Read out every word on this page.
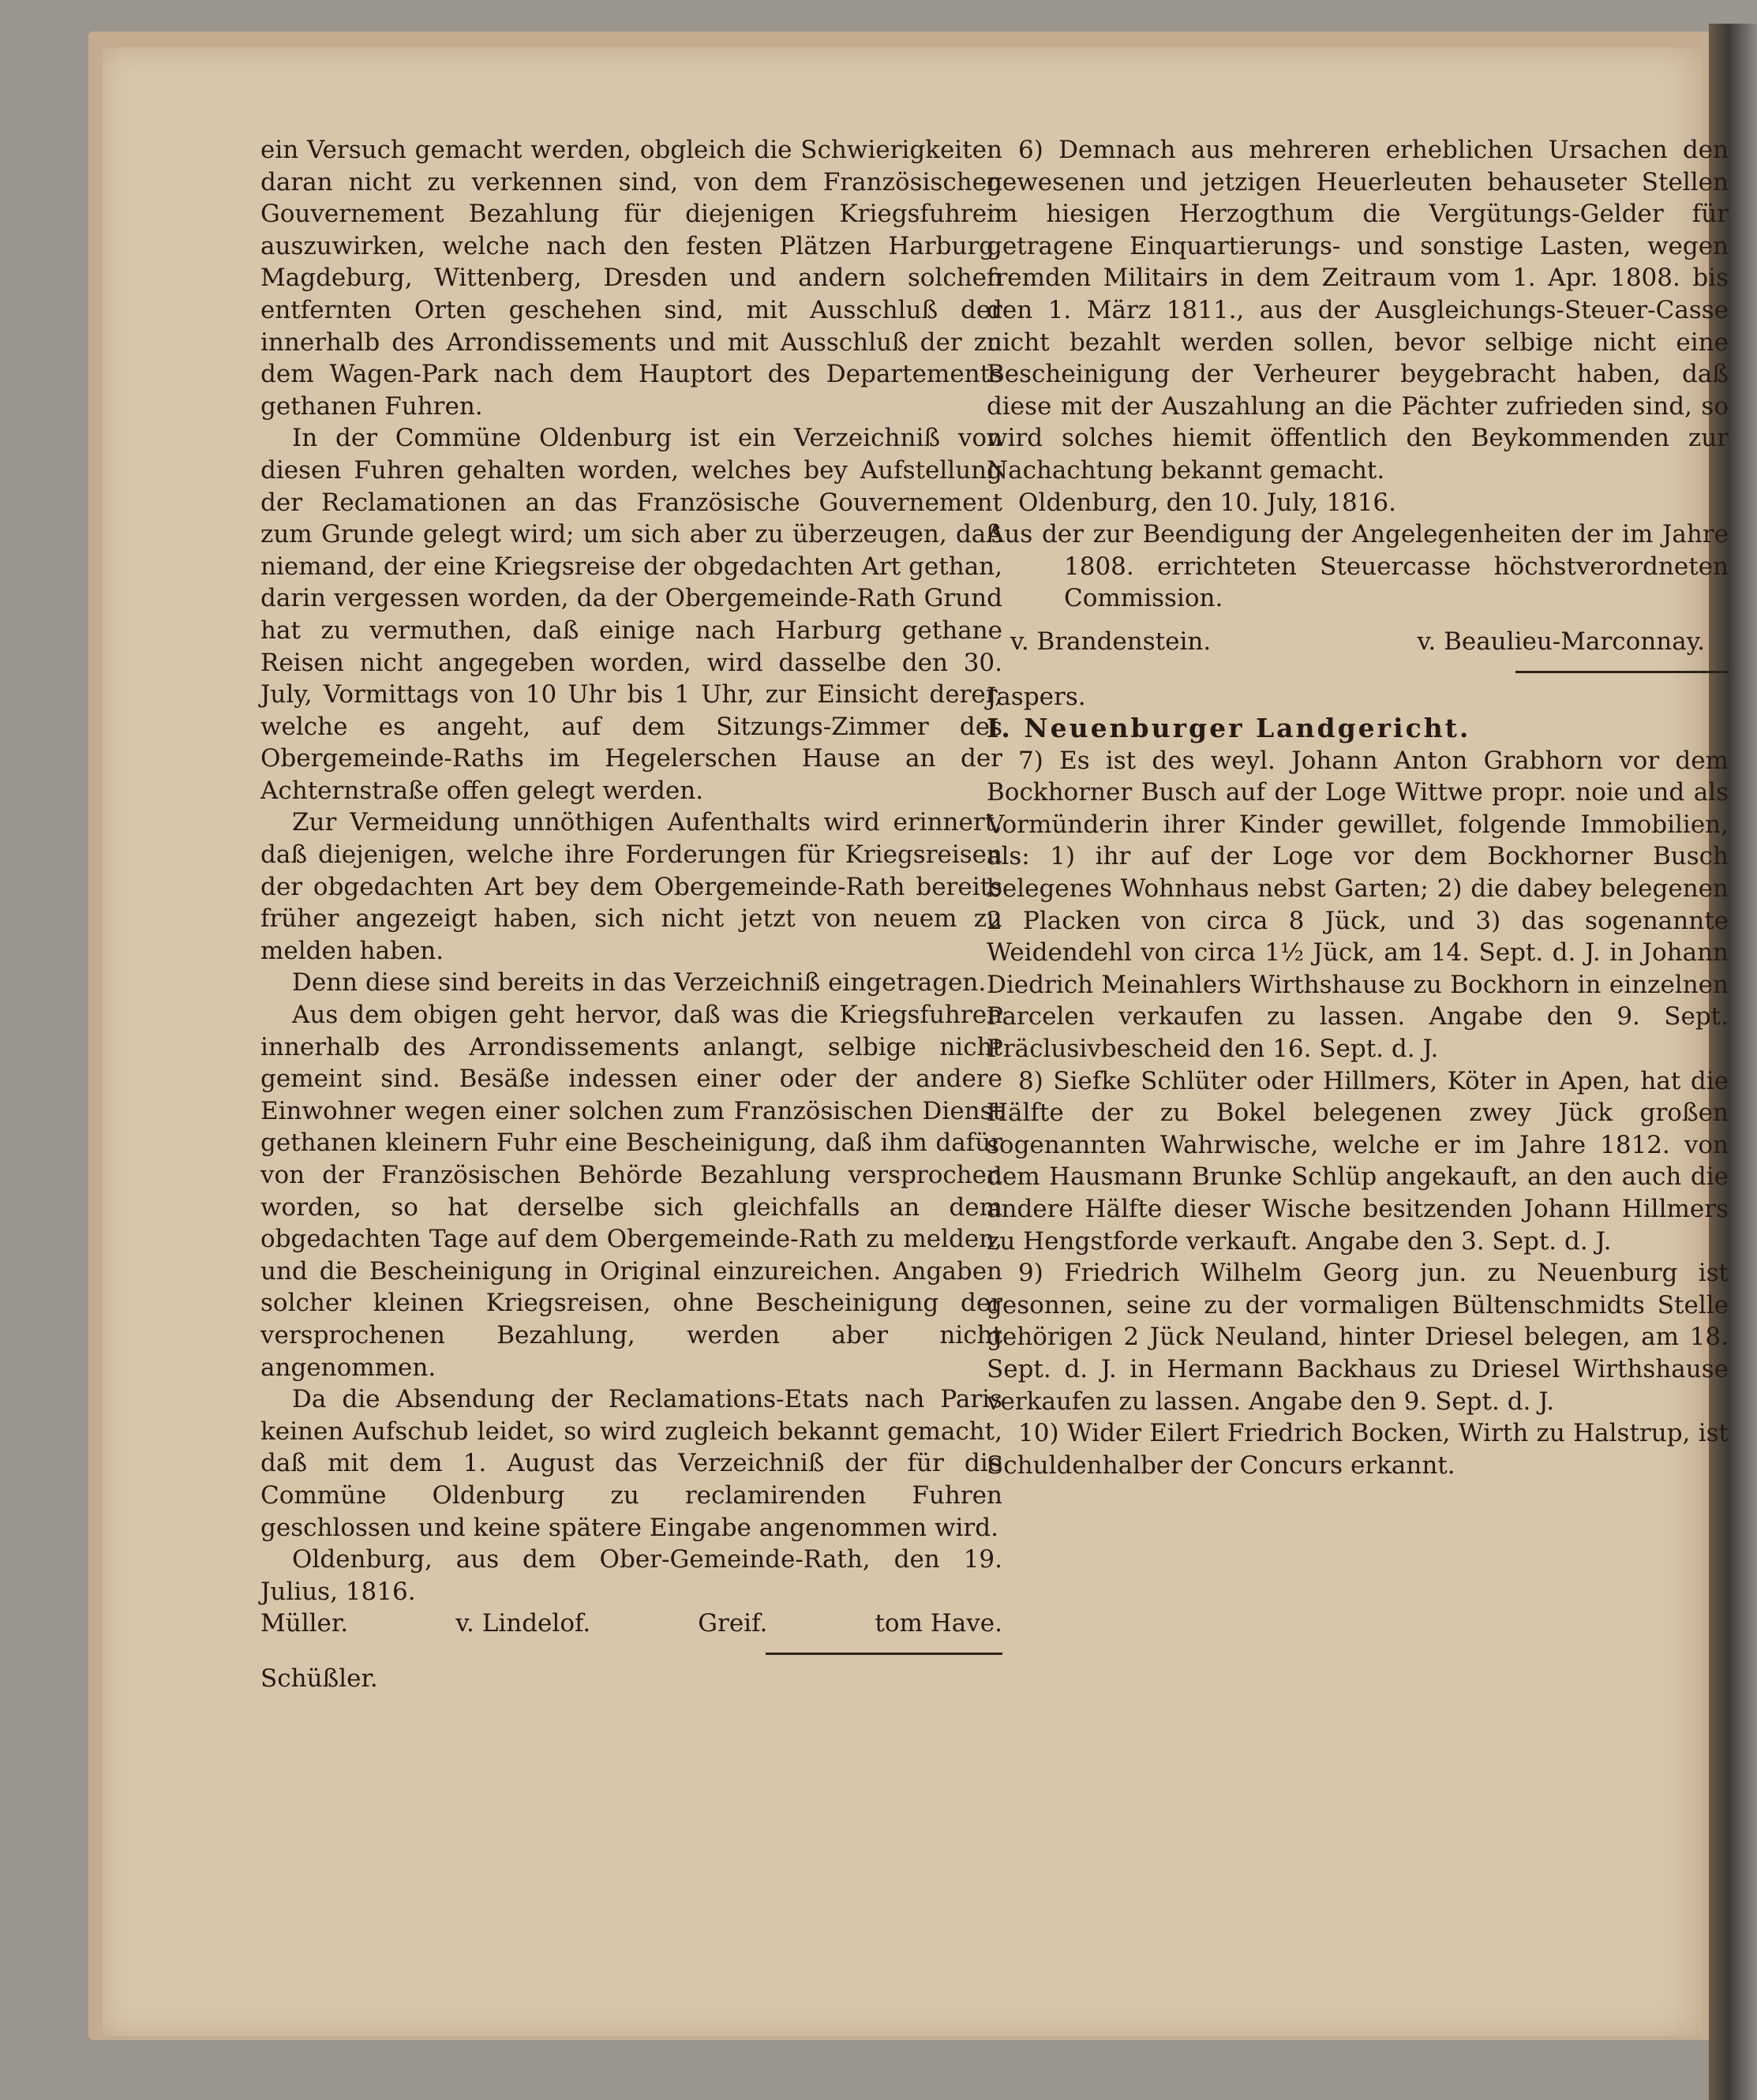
ein Versuch gemacht werden, obgleich die Schwierigkeiten daran nicht zu verkennen sind, von dem Französischen Gouvernement Bezahlung für diejenigen Kriegsfuhren auszuwirken, welche nach den festen Plätzen Harburg, Magdeburg, Wittenberg, Dresden und andern solchen entfernten Orten geschehen sind, mit Ausschluß der innerhalb des Arrondissements und mit Ausschluß der zu dem Wagen-Park nach dem Hauptort des Departements gethanen Fuhren.

In der Commüne Oldenburg ist ein Verzeichniß von diesen Fuhren gehalten worden, welches bey Aufstellung der Reclamationen an das Französische Gouvernement zum Grunde gelegt wird; um sich aber zu überzeugen, daß niemand, der eine Kriegsreise der obgedachten Art gethan, darin vergessen worden, da der Obergemeinde-Rath Grund hat zu vermuthen, daß einige nach Harburg gethane Reisen nicht angegeben worden, wird dasselbe den 30. July, Vormittags von 10 Uhr bis 1 Uhr, zur Einsicht derer, welche es angeht, auf dem Sitzungs-Zimmer des Obergemeinde-Raths im Hegelerschen Hause an der Achternstraße offen gelegt werden.

Zur Vermeidung unnöthigen Aufenthalts wird erinnert, daß diejenigen, welche ihre Forderungen für Kriegsreisen der obgedachten Art bey dem Obergemeinde-Rath bereits früher angezeigt haben, sich nicht jetzt von neuem zu melden haben.

Denn diese sind bereits in das Verzeichniß eingetragen.

Aus dem obigen geht hervor, daß was die Kriegsfuhren innerhalb des Arrondissements anlangt, selbige nicht gemeint sind. Besäße indessen einer oder der andere Einwohner wegen einer solchen zum Französischen Dienst gethanen kleinern Fuhr eine Bescheinigung, daß ihm dafür von der Französischen Behörde Bezahlung versprochen worden, so hat derselbe sich gleichfalls an dem obgedachten Tage auf dem Obergemeinde-Rath zu melden, und die Bescheinigung in Original einzureichen. Angaben solcher kleinen Kriegsreisen, ohne Bescheinigung der versprochenen Bezahlung, werden aber nicht angenommen.

Da die Absendung der Reclamations-Etats nach Paris keinen Aufschub leidet, so wird zugleich bekannt gemacht, daß mit dem 1. August das Verzeichniß der für die Commüne Oldenburg zu reclamirenden Fuhren geschlossen und keine spätere Eingabe angenommen wird.

Oldenburg, aus dem Ober-Gemeinde-Rath, den 19. Julius, 1816.

Müller.	v. Lindelof.	Greif.	tom Have.

Schüßler.

6) Demnach aus mehreren erheblichen Ursachen den gewesenen und jetzigen Heuerleuten behauseter Stellen im hiesigen Herzogthum die Vergütungs-Gelder für getragene Einquartierungs- und sonstige Lasten, wegen fremden Militairs in dem Zeitraum vom 1. Apr. 1808. bis den 1. März 1811., aus der Ausgleichungs-Steuer-Casse nicht bezahlt werden sollen, bevor selbige nicht eine Bescheinigung der Verheurer beygebracht haben, daß diese mit der Auszahlung an die Pächter zufrieden sind, so wird solches hiemit öffentlich den Beykommenden zur Nachachtung bekannt gemacht.

Oldenburg, den 10. July, 1816.

Aus der zur Beendigung der Angelegenheiten der im Jahre 1808. errichteten Steuercasse höchstverordneten Commission.

v. Brandenstein.	v. Beaulieu-Marconnay.

Jaspers.

I. Neuenburger Landgericht.

7) Es ist des weyl. Johann Anton Grabhorn vor dem Bockhorner Busch auf der Loge Wittwe propr. noie und als Vormünderin ihrer Kinder gewillet, folgende Immobilien, als: 1) ihr auf der Loge vor dem Bockhorner Busch belegenes Wohnhaus nebst Garten; 2) die dabey belegenen 2 Placken von circa 8 Jück, und 3) das sogenannte Weidendehl von circa 1½ Jück, am 14. Sept. d. J. in Johann Diedrich Meinahlers Wirthshause zu Bockhorn in einzelnen Parcelen verkaufen zu lassen. Angabe den 9. Sept. Präclusivbescheid den 16. Sept. d. J.

8) Siefke Schlüter oder Hillmers, Köter in Apen, hat die Hälfte der zu Bokel belegenen zwey Jück großen sogenannten Wahrwische, welche er im Jahre 1812. von dem Hausmann Brunke Schlüp angekauft, an den auch die andere Hälfte dieser Wische besitzenden Johann Hillmers zu Hengstforde verkauft. Angabe den 3. Sept. d. J.

9) Friedrich Wilhelm Georg jun. zu Neuenburg ist gesonnen, seine zu der vormaligen Bültenschmidts Stelle gehörigen 2 Jück Neuland, hinter Driesel belegen, am 18. Sept. d. J. in Hermann Backhaus zu Driesel Wirthshause verkaufen zu lassen. Angabe den 9. Sept. d. J.

10) Wider Eilert Friedrich Bocken, Wirth zu Halstrup, ist Schuldenhalber der Concurs erkannt.
